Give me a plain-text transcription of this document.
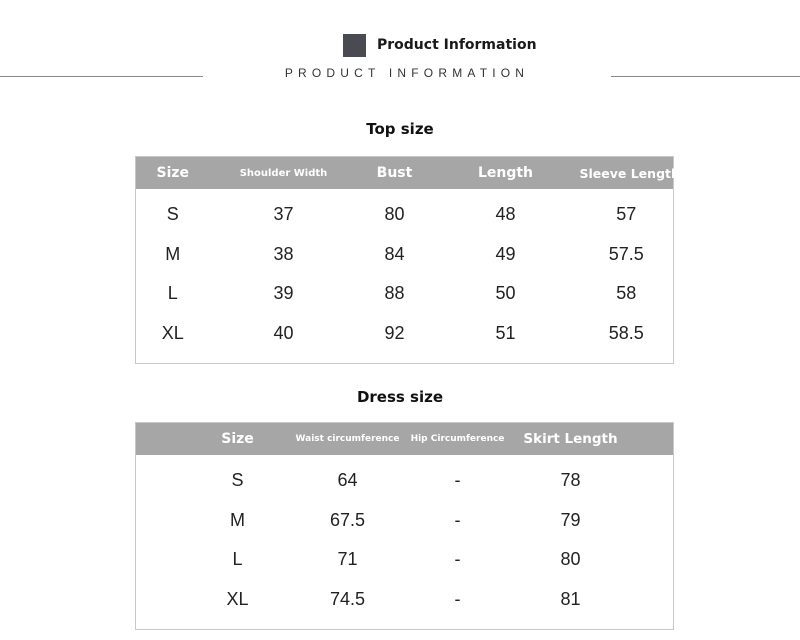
Product Information
PRODUCT INFORMATION
Top size
Size	Shoulder Width	Bust	Length	Sleeve Length
S	37	80	48	57
M	38	84	49	57.5
L	39	88	50	58
XL	40	92	51	58.5
Dress size
	Size	Waist circumference	Hip Circumference	Skirt Length	
	S	64	-	78	
	M	67.5	-	79	
	L	71	-	80	
	XL	74.5	-	81	
